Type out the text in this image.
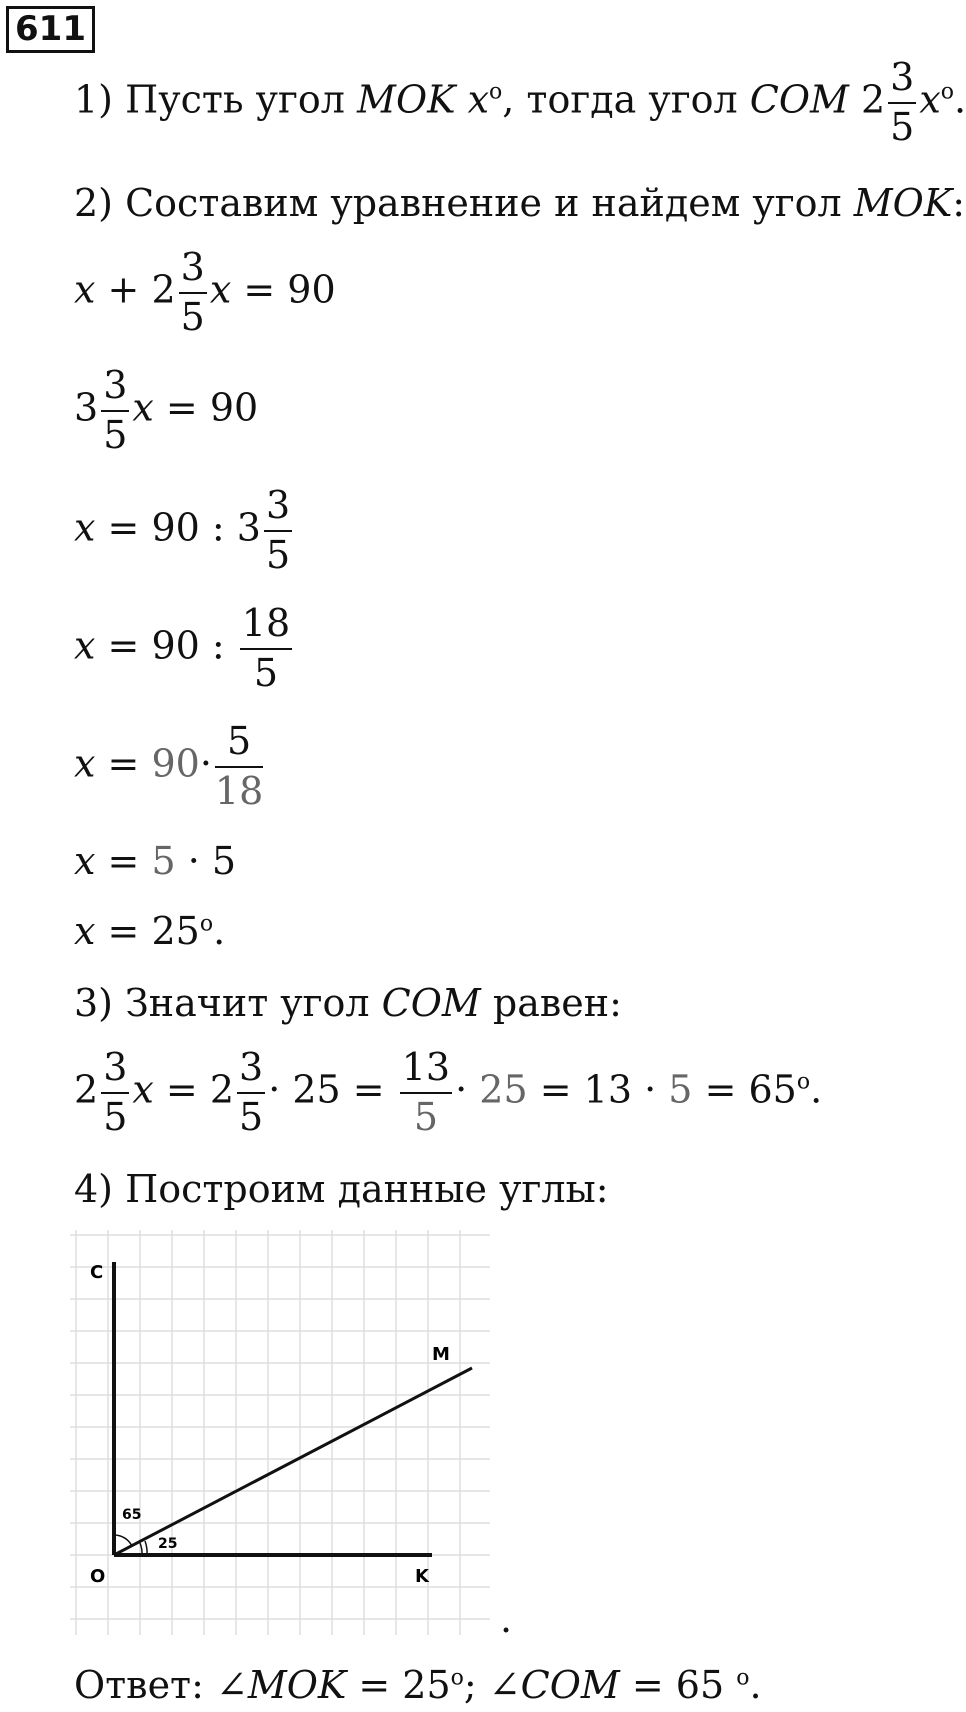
611
1) Пусть угол MOK $x^o$, тогда угол COM $2 \frac{3}{5} x^o$.
2) Составим уравнение и найдем угол MOK:
$x + 2 \frac{3}{5}$ x = 90
$3 \frac{3}{5}$ x = 90
x = 90 : $3 \frac{3}{5}$
x = 90 : $\frac{18}{5}$
$x = 90\cdot \frac{5}{18}$
x = 5 · 5
$x = 25^o$.
3) Значит угол COM равен:
$2 \frac{3}{5}$ $x = 2 \frac{3}{5} \cdot 25 = \frac{13}{5} \cdot 25 = 13 \cdot 5 = 65^o$.
4) Построим данные углы:
C
M
O	K
65
25
.
Ответ: ∠MOK = $25^o$; ∠COM = 65 $^o$.
